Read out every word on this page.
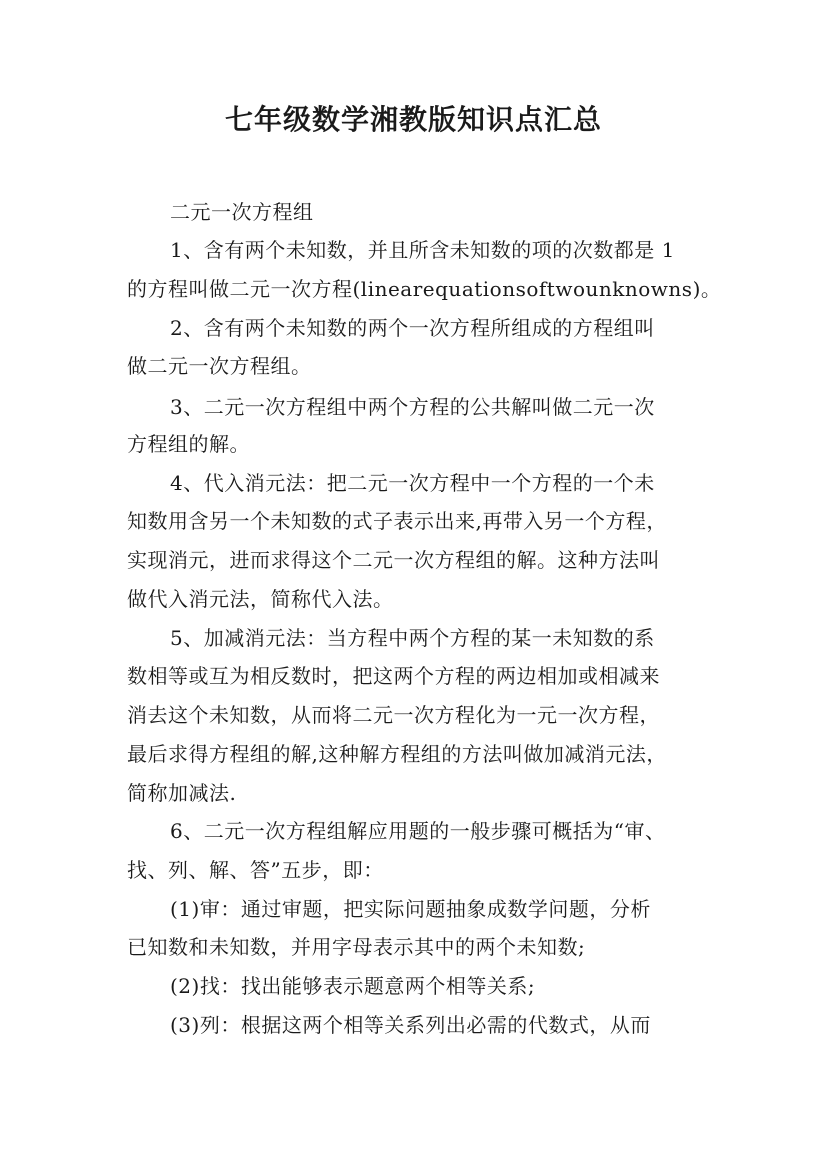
七年级数学湘教版知识点汇总
二元一次方程组
1、含有两个未知数，并且所含未知数的项的次数都是 1
的方程叫做二元一次方程(linearequationsoftwounknowns)。
2、含有两个未知数的两个一次方程所组成的方程组叫
做二元一次方程组。
3、二元一次方程组中两个方程的公共解叫做二元一次
方程组的解。
4、代入消元法：把二元一次方程中一个方程的一个未
知数用含另一个未知数的式子表示出来,再带入另一个方程，
实现消元，进而求得这个二元一次方程组的解。这种方法叫
做代入消元法，简称代入法。
5、加减消元法：当方程中两个方程的某一未知数的系
数相等或互为相反数时，把这两个方程的两边相加或相减来
消去这个未知数，从而将二元一次方程化为一元一次方程，
最后求得方程组的解,这种解方程组的方法叫做加减消元法，
简称加减法.
6、二元一次方程组解应用题的一般步骤可概括为“审、
找、列、解、答”五步，即：
(1)审：通过审题，把实际问题抽象成数学问题，分析
已知数和未知数，并用字母表示其中的两个未知数;
(2)找：找出能够表示题意两个相等关系;
(3)列：根据这两个相等关系列出必需的代数式，从而
